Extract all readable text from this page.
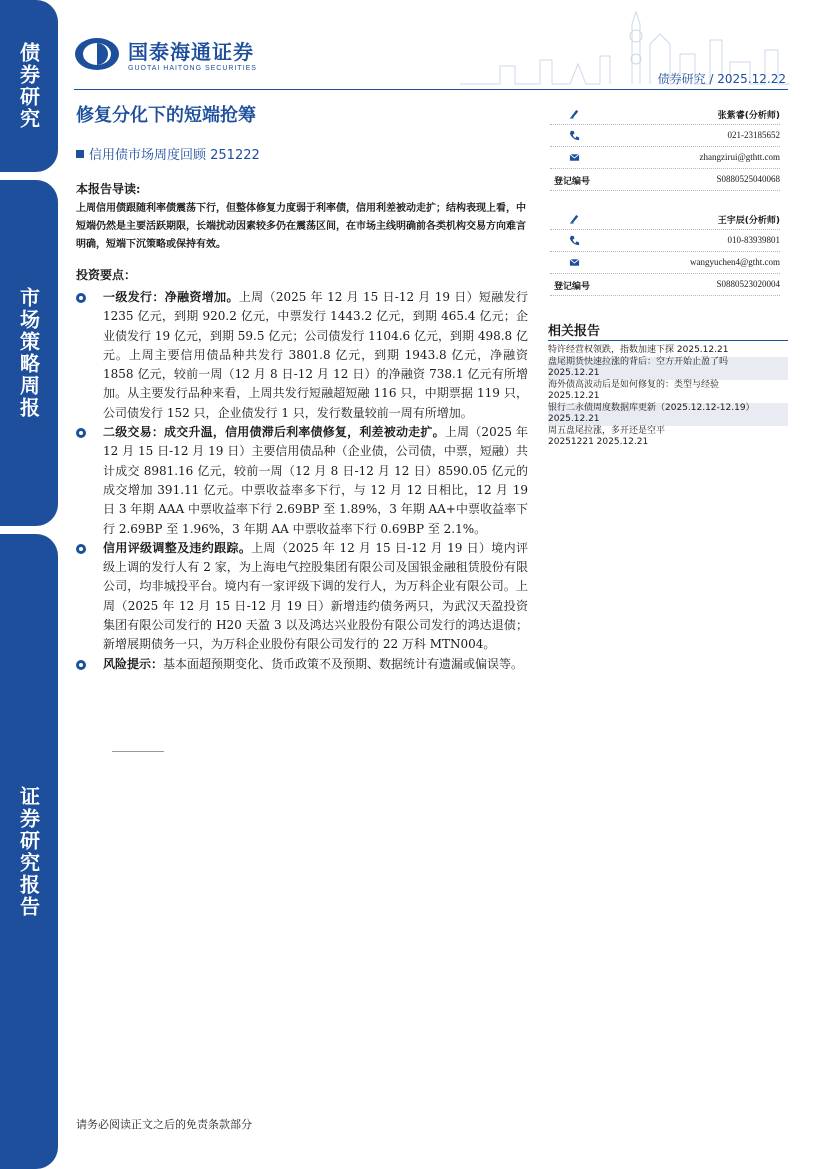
债券研究
市场策略周报
证券研究报告
国泰海通证券
GUOTAI HAITONG SECURITIES
债券研究 / 2025.12.22
修复分化下的短端抢筹
信用债市场周度回顾 251222
本报告导读:
上周信用债跟随利率债震荡下行，但整体修复力度弱于利率债，信用利差被动走扩；结构表现上看，中短端仍然是主要活跃期限，长端扰动因素较多仍在震荡区间，在市场主线明确前各类机构交易方向难言明确，短端下沉策略或保持有效。
投资要点：
一级发行：净融资增加。上周（2025 年 12 月 15 日-12 月 19 日）短融发行 1235 亿元，到期 920.2 亿元，中票发行 1443.2 亿元，到期 465.4 亿元；企业债发行 19 亿元，到期 59.5 亿元；公司债发行 1104.6 亿元，到期 498.8 亿元。上周主要信用债品种共发行 3801.8 亿元，到期 1943.8 亿元，净融资 1858 亿元，较前一周（12 月 8 日-12 月 12 日）的净融资 738.1 亿元有所增加。从主要发行品种来看，上周共发行短融超短融 116 只，中期票据 119 只，公司债发行 152 只，企业债发行 1 只，发行数量较前一周有所增加。
二级交易：成交升温，信用债滞后利率债修复，利差被动走扩。上周（2025 年 12 月 15 日-12 月 19 日）主要信用债品种（企业债，公司债，中票，短融）共计成交 8981.16 亿元，较前一周（12 月 8 日-12 月 12 日）8590.05 亿元的成交增加 391.11 亿元。中票收益率多下行，与 12 月 12 日相比，12 月 19 日 3 年期 AAA 中票收益率下行 2.69BP 至 1.89%，3 年期 AA+中票收益率下行 2.69BP 至 1.96%，3 年期 AA 中票收益率下行 0.69BP 至 2.1%。
信用评级调整及违约跟踪。上周（2025 年 12 月 15 日-12 月 19 日）境内评级上调的发行人有 2 家，为上海电气控股集团有限公司及国银金融租赁股份有限公司，均非城投平台。境内有一家评级下调的发行人，为万科企业有限公司。上周（2025 年 12 月 15 日-12 月 19 日）新增违约债务两只，为武汉天盈投资集团有限公司发行的 H20 天盈 3 以及鸿达兴业股份有限公司发行的鸿达退债；新增展期债务一只，为万科企业股份有限公司发行的 22 万科 MTN004。
风险提示：基本面超预期变化、货币政策不及预期、数据统计有遗漏或偏误等。
张紫睿(分析师)
021-23185652
zhangzirui@gthtt.com
登记编号	S0880525040068
王宇辰(分析师)
010-83939801
wangyuchen4@gtht.com
登记编号	S0880523020004
相关报告
特许经营权领跌，指数加速下探 2025.12.21
盘尾期货快速拉涨的背后：空方开始止盈了吗
2025.12.21
海外债高波动后是如何修复的：类型与经验
2025.12.21
银行二永债周度数据库更新（2025.12.12-12.19）
2025.12.21
周五盘尾拉涨，多开还是空平
20251221 2025.12.21
请务必阅读正文之后的免责条款部分
